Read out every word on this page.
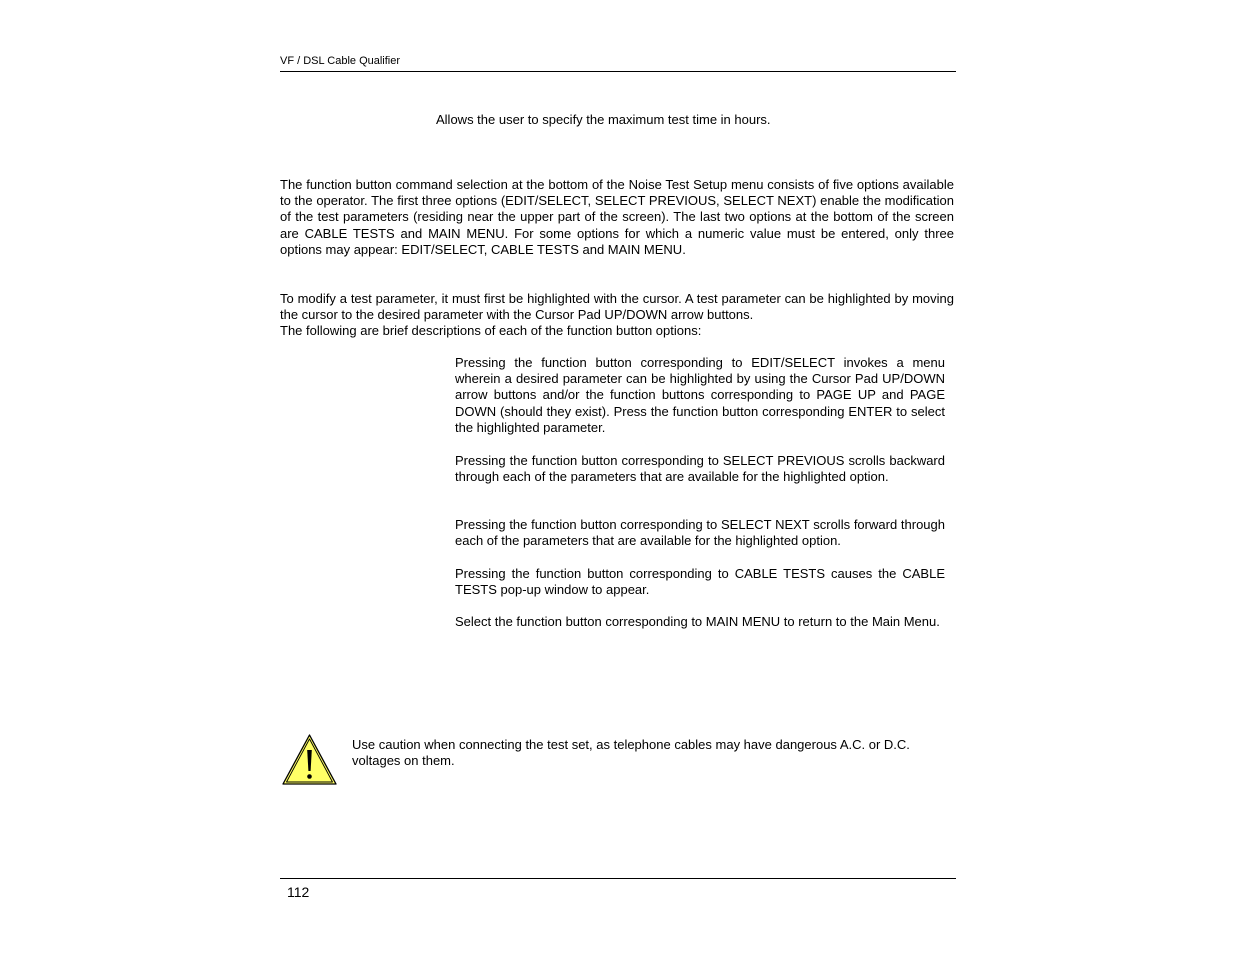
VF / DSL Cable Qualifier
Allows the user to specify the maximum test time in hours.
The function button command selection at the bottom of the Noise Test Setup menu consists of five options available to the operator. The first three options (EDIT/SELECT, SELECT PREVIOUS, SELECT NEXT) enable the modification of the test parameters (residing near the upper part of the screen). The last two options at the bottom of the screen are CABLE TESTS and MAIN MENU. For some options for which a numeric value must be entered, only three options may appear: EDIT/SELECT, CABLE TESTS and MAIN MENU.
To modify a test parameter, it must first be highlighted with the cursor. A test parameter can be highlighted by moving the cursor to the desired parameter with the Cursor Pad UP/DOWN arrow buttons.
The following are brief descriptions of each of the function button options:
Pressing the function button corresponding to EDIT/SELECT invokes a menu wherein a desired parameter can be highlighted by using the Cursor Pad UP/DOWN arrow buttons and/or the function buttons corresponding to PAGE UP and PAGE DOWN (should they exist). Press the function button corresponding ENTER to select the highlighted parameter.
Pressing the function button corresponding to SELECT PREVIOUS scrolls backward through each of the parameters that are available for the highlighted option.
Pressing the function button corresponding to SELECT NEXT scrolls forward through each of the parameters that are available for the highlighted option.
Pressing the function button corresponding to CABLE TESTS causes the CABLE TESTS pop-up window to appear.
Select the function button corresponding to MAIN MENU to return to the Main Menu.
Use caution when connecting the test set, as telephone cables may have dangerous A.C. or D.C. voltages on them.
112
